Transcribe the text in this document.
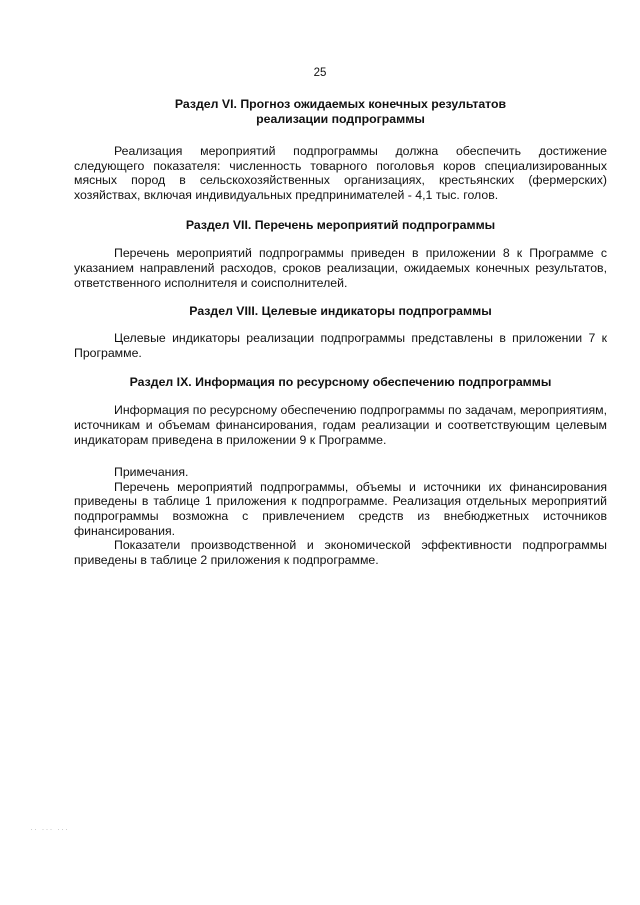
25

Раздел VI. Прогноз ожидаемых конечных результатов

реализации подпрограммы

Реализация мероприятий подпрограммы должна обеспечить достижение следующего показателя: численность товарного поголовья коров специализированных мясных пород в сельскохозяйственных организациях, крестьянских (фермерских) хозяйствах, включая индивидуальных предпринимателей - 4,1 тыс. голов.

Раздел VII. Перечень мероприятий подпрограммы

Перечень мероприятий подпрограммы приведен в приложении 8 к Программе с указанием направлений расходов, сроков реализации, ожидаемых конечных результатов, ответственного исполнителя и соисполнителей.

Раздел VIII. Целевые индикаторы подпрограммы

Целевые индикаторы реализации подпрограммы представлены в приложении 7 к Программе.

Раздел IX. Информация по ресурсному обеспечению подпрограммы

Информация по ресурсному обеспечению подпрограммы по задачам, мероприятиям, источникам и объемам финансирования, годам реализации и соответствующим целевым индикаторам приведена в приложении 9 к Программе.

Примечания.

Перечень мероприятий подпрограммы, объемы и источники их финансирования приведены в таблице 1 приложения к подпрограмме. Реализация отдельных мероприятий подпрограммы возможна с привлечением средств из внебюджетных источников финансирования.

Показатели производственной и экономической эффективности подпрограммы приведены в таблице 2 приложения к подпрограмме.

·· ··· ···
